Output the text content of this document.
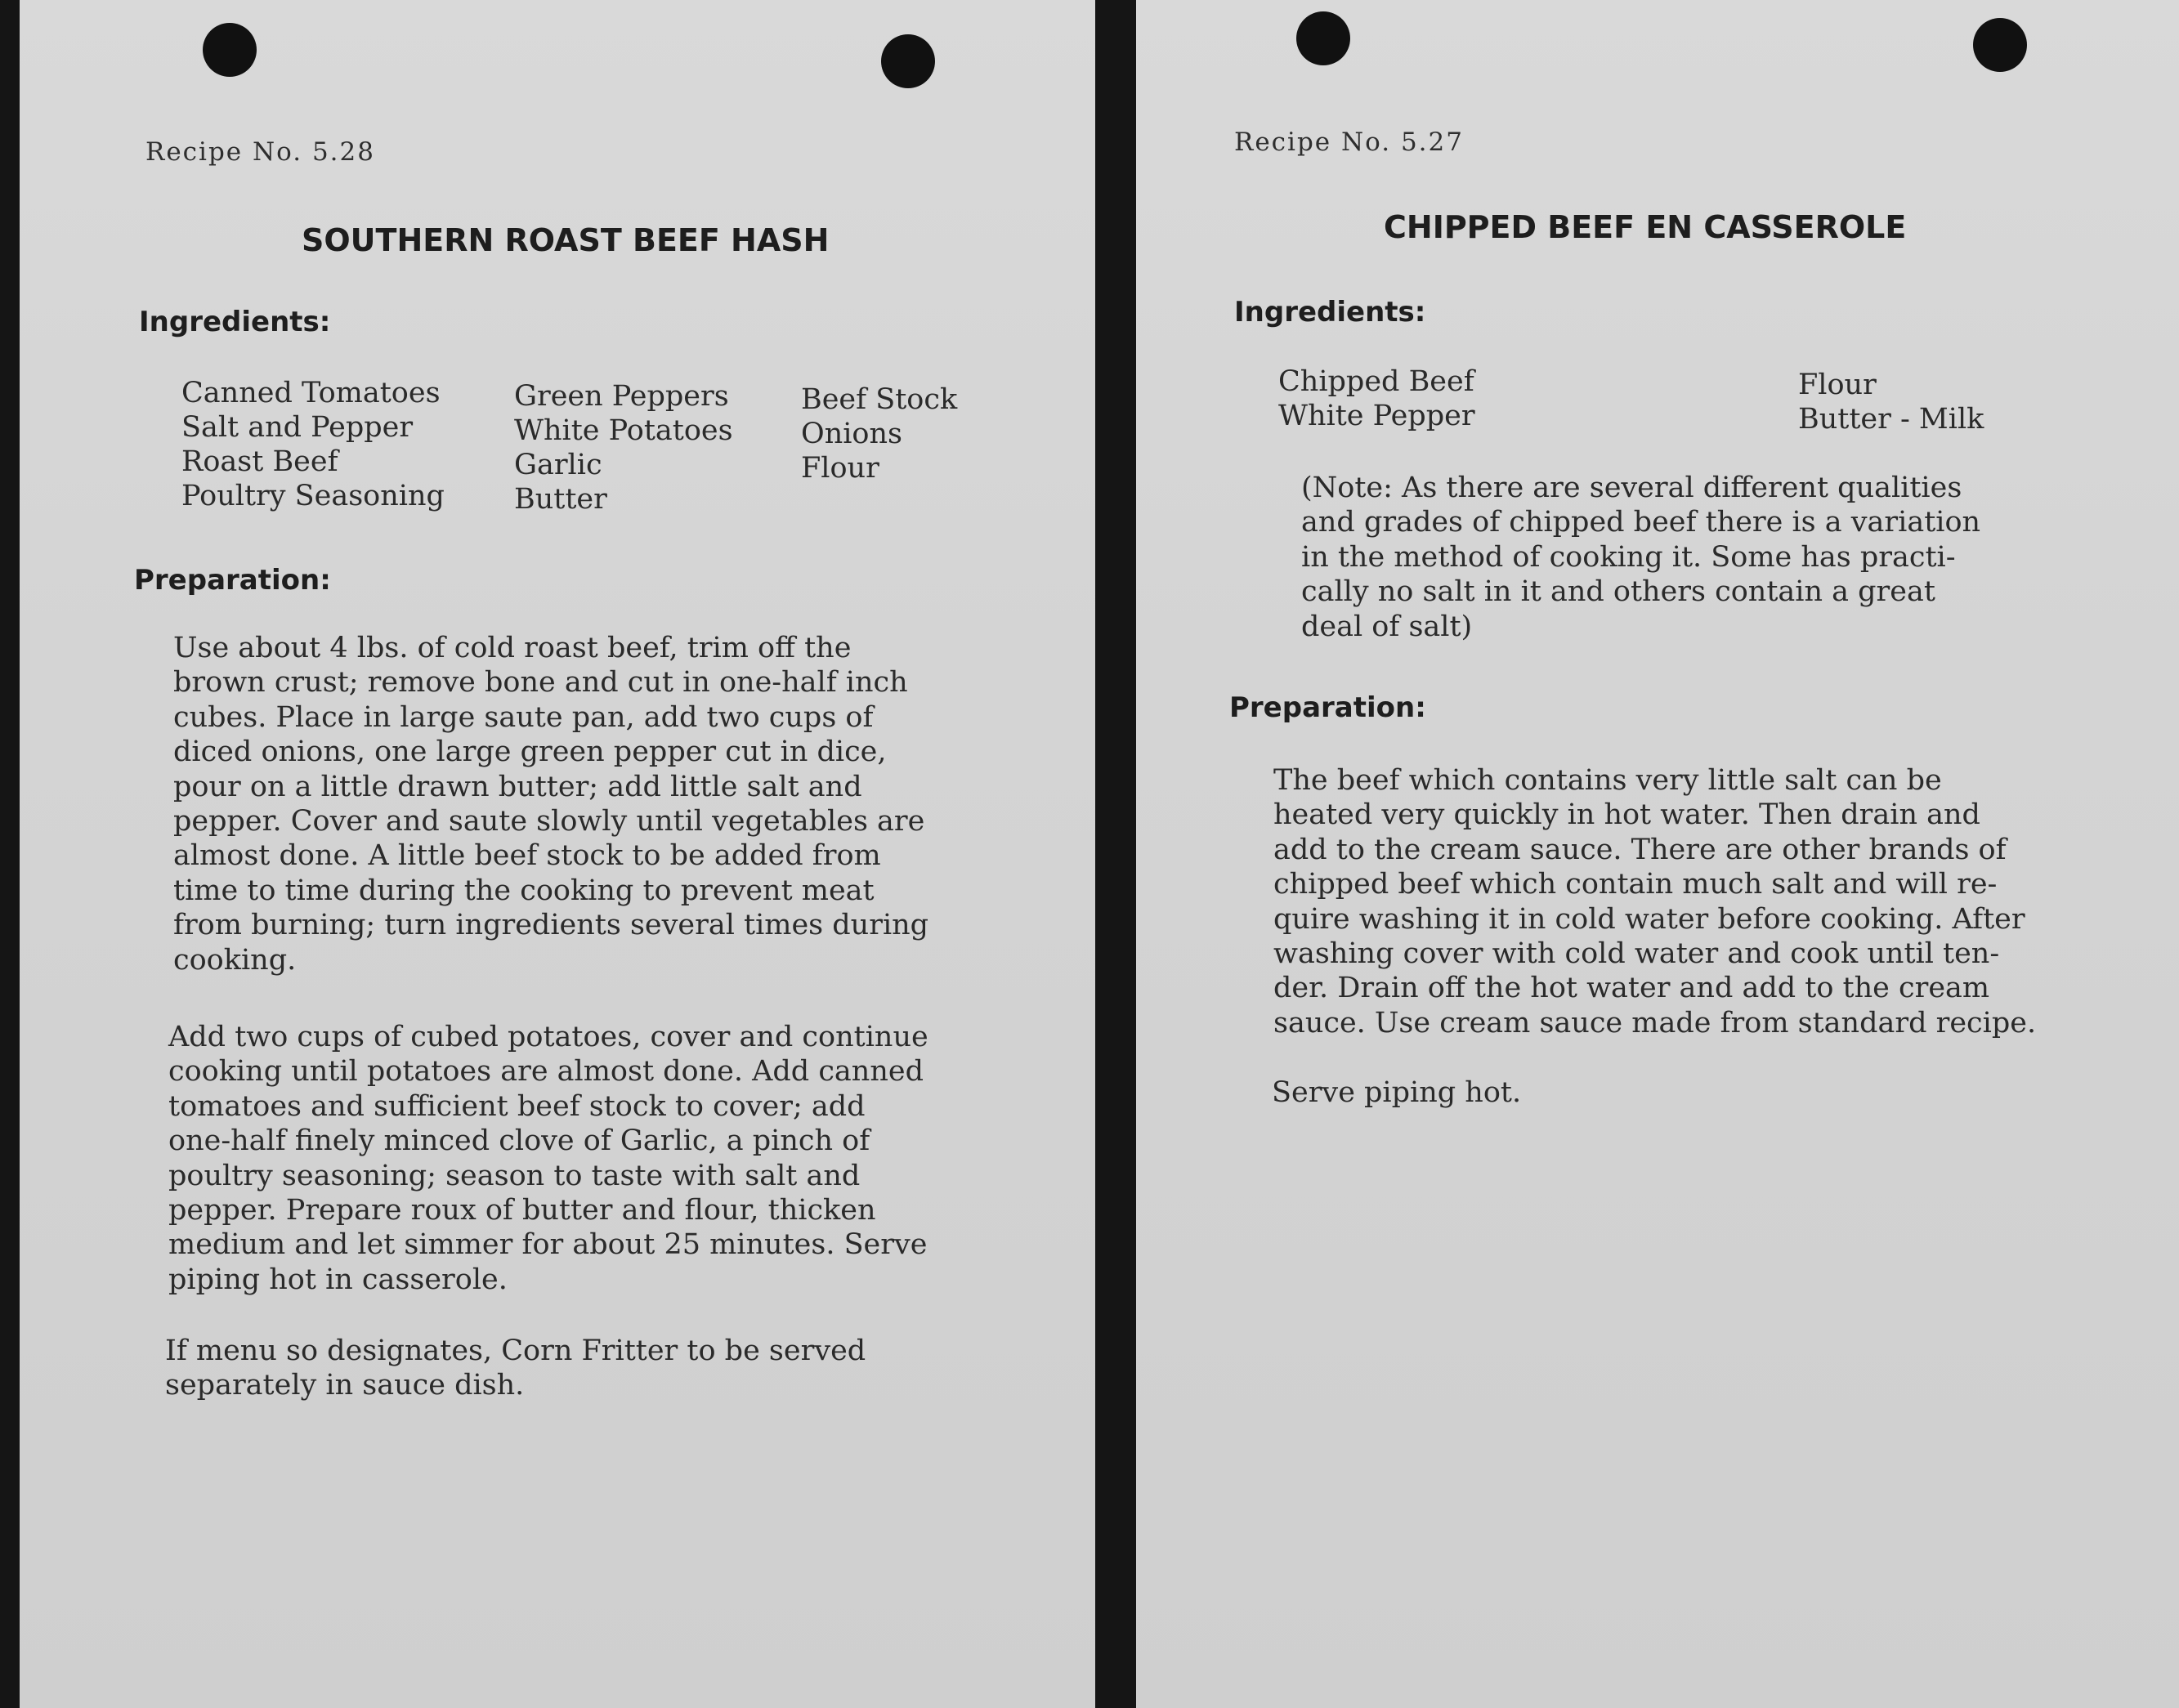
Recipe No. 5.28
SOUTHERN ROAST BEEF HASH
Ingredients:
Canned Tomatoes
Salt and Pepper
Roast Beef
Poultry Seasoning
Green Peppers
White Potatoes
Garlic
Butter
Beef Stock
Onions
Flour
Preparation:

Use about 4 lbs. of cold roast beef, trim off the
brown crust; remove bone and cut in one-half inch
cubes. Place in large saute pan, add two cups of
diced onions, one large green pepper cut in dice,
pour on a little drawn butter; add little salt and
pepper. Cover and saute slowly until vegetables are
almost done. A little beef stock to be added from
time to time during the cooking to prevent meat
from burning; turn ingredients several times during
cooking.

Add two cups of cubed potatoes, cover and continue
cooking until potatoes are almost done. Add canned
tomatoes and sufficient beef stock to cover; add
one-half finely minced clove of Garlic, a pinch of
poultry seasoning; season to taste with salt and
pepper. Prepare roux of butter and flour, thicken
medium and let simmer for about 25 minutes. Serve
piping hot in casserole.

If menu so designates, Corn Fritter to be served
separately in sauce dish.

Recipe No. 5.27
CHIPPED BEEF EN CASSEROLE
Ingredients:
Chipped Beef
White Pepper
Flour
Butter - Milk

(Note: As there are several different qualities
and grades of chipped beef there is a variation
in the method of cooking it. Some has practi-
cally no salt in it and others contain a great
deal of salt)

Preparation:

The beef which contains very little salt can be
heated very quickly in hot water. Then drain and
add to the cream sauce. There are other brands of
chipped beef which contain much salt and will re-
quire washing it in cold water before cooking. After
washing cover with cold water and cook until ten-
der. Drain off the hot water and add to the cream
sauce. Use cream sauce made from standard recipe.

Serve piping hot.
